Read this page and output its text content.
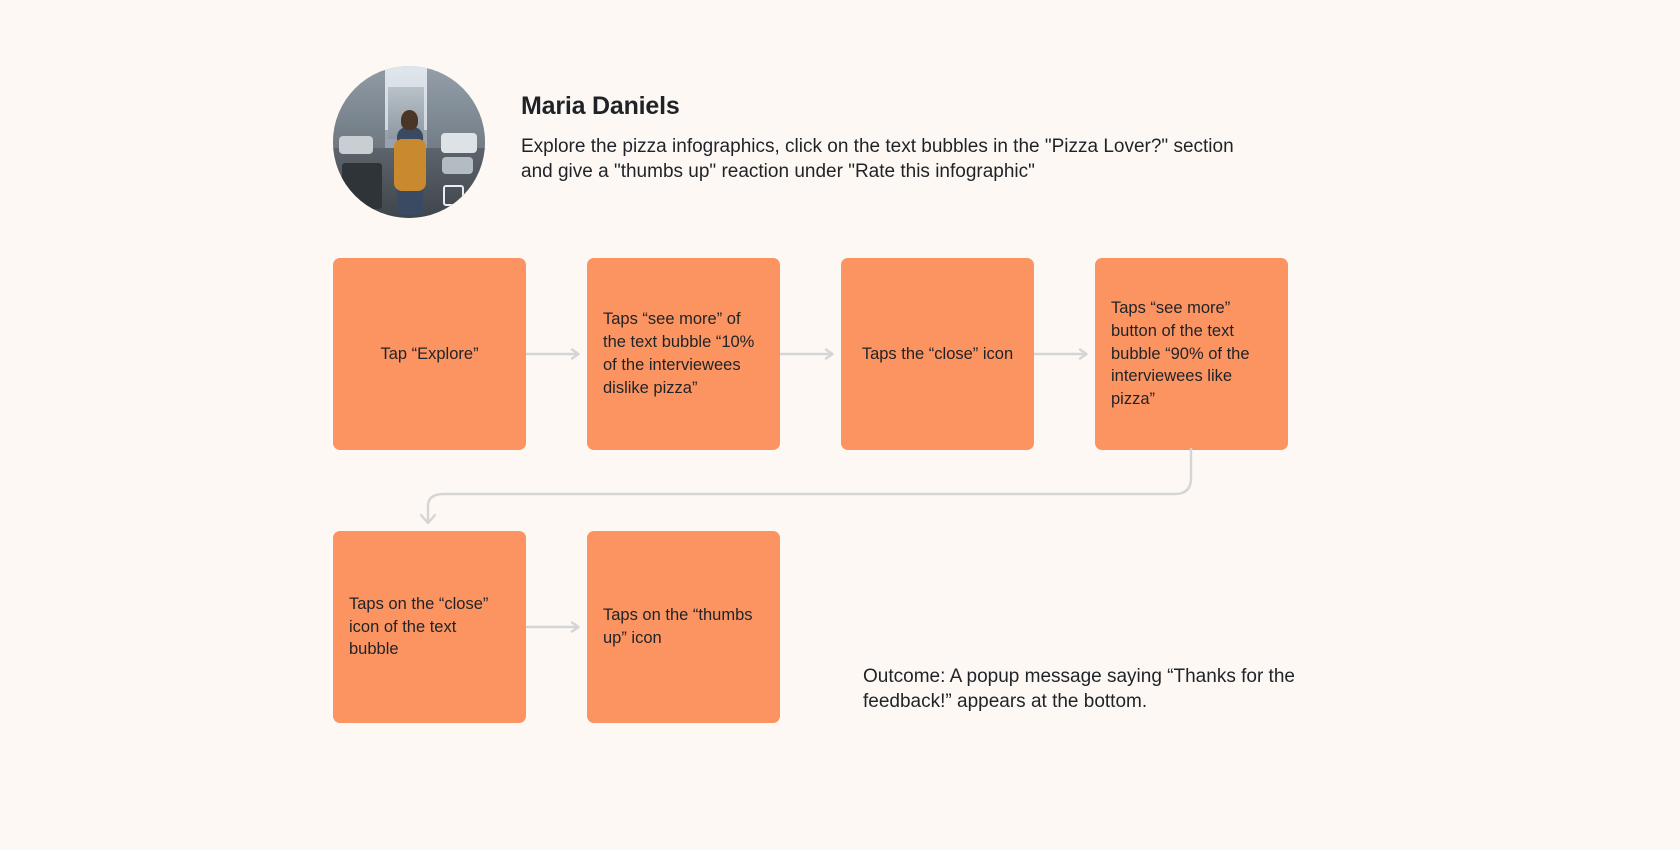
Maria Daniels

Explore the pizza infographics, click on the text bubbles in the "Pizza Lover?" section and give a "thumbs up" reaction under "Rate this infographic"

Tap “Explore”
Taps “see more” of the text bubble “10% of the interviewees dislike pizza”
Taps the “close” icon
Taps “see more” button of the text bubble “90% of the interviewees like pizza”
Taps on the “close” icon of the text bubble
Taps on the “thumbs up” icon
Outcome: A popup message saying “Thanks for the feedback!” appears at the bottom.
